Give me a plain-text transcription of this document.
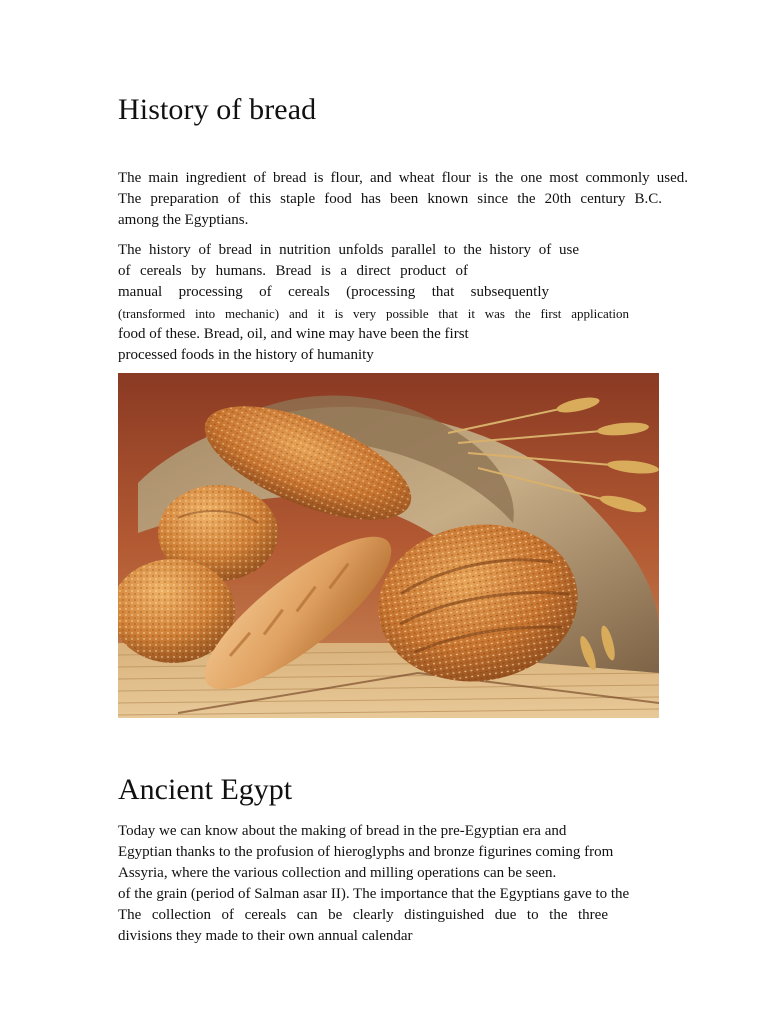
History of bread
The main ingredient of bread is flour, and wheat flour is the one most commonly used.
The preparation of this staple food has been known since the 20th century B.C.
among the Egyptians.
The history of bread in nutrition unfolds parallel to the history of use
of cereals by humans. Bread is a direct product of
manual processing of cereals (processing that subsequently
(transformed into mechanic) and it is very possible that it was the first application
food of these. Bread, oil, and wine may have been the first
processed foods in the history of humanity
Ancient Egypt
Today we can know about the making of bread in the pre-Egyptian era and
Egyptian thanks to the profusion of hieroglyphs and bronze figurines coming from
Assyria, where the various collection and milling operations can be seen.
of the grain (period of Salman asar II). The importance that the Egyptians gave to the
The collection of cereals can be clearly distinguished due to the three
divisions they made to their own annual calendar
